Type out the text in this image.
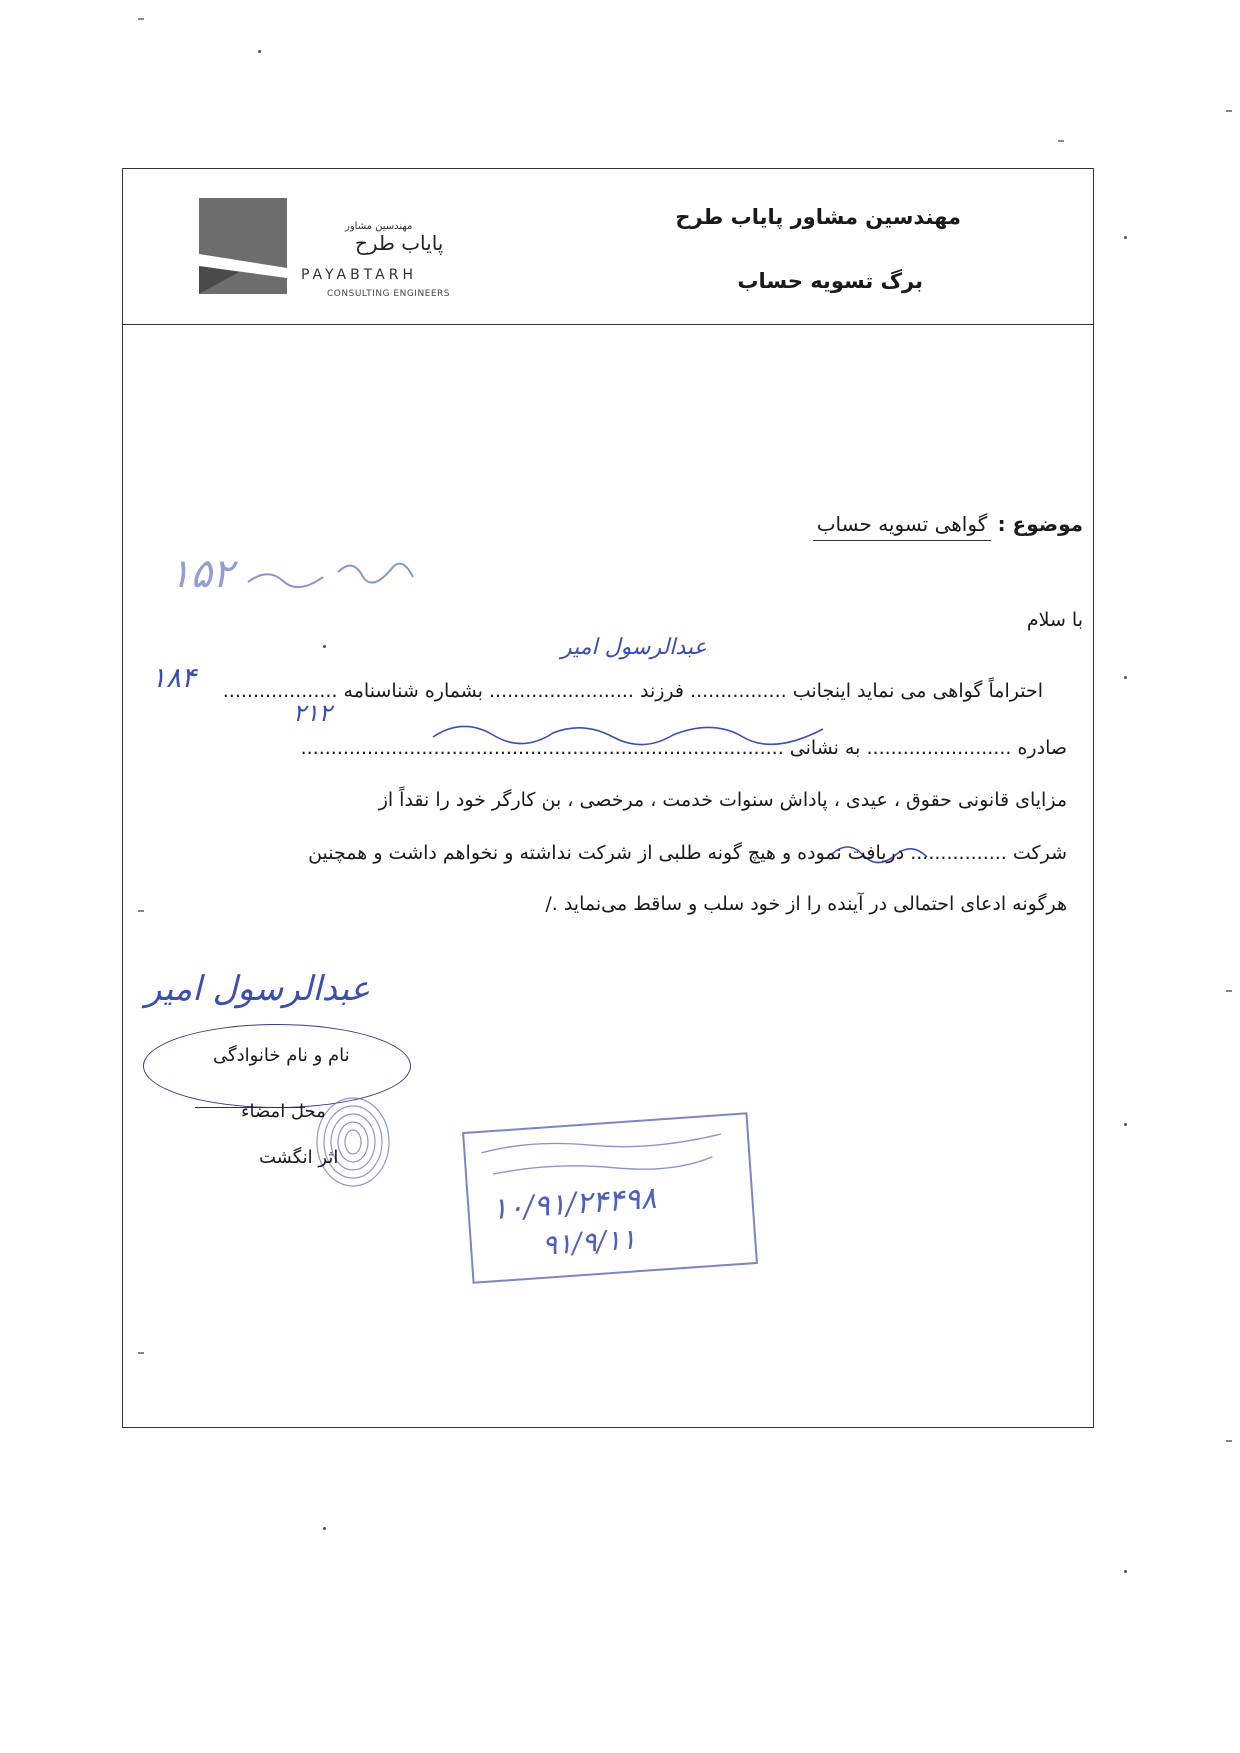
مهندسین مشاور پایاب طرح
برگ تسویه حساب
مهندسین مشاور
پایاب طرح
PAYABTARH
CONSULTING ENGINEERS
۱۵۲
موضوع : گواهی تسویه حساب
با سلام
عبدالرسول امیر
۱۸۴ احتراماً گواهی می نماید اینجانب ................ فرزند ........................ بشماره شناسنامه ...................
۲۱۲
صادره ........................ به نشانی ................................................................................
مزایای قانونی حقوق ، عیدی ، پاداش سنوات خدمت ، مرخصی ، بن کارگر خود را نقداً از
شرکت ................ دریافت نموده و هیچ گونه طلبی از شرکت نداشته و نخواهم داشت و همچنین
هرگونه ادعای احتمالی در آینده را از خود سلب و ساقط می‌نماید ./
عبدالرسول امیر
نام و نام خانوادگی
محل امضاء
اثر انگشت
۱۰/۹۱/۲۴۴۹۸
۹۱/۹/۱۱
